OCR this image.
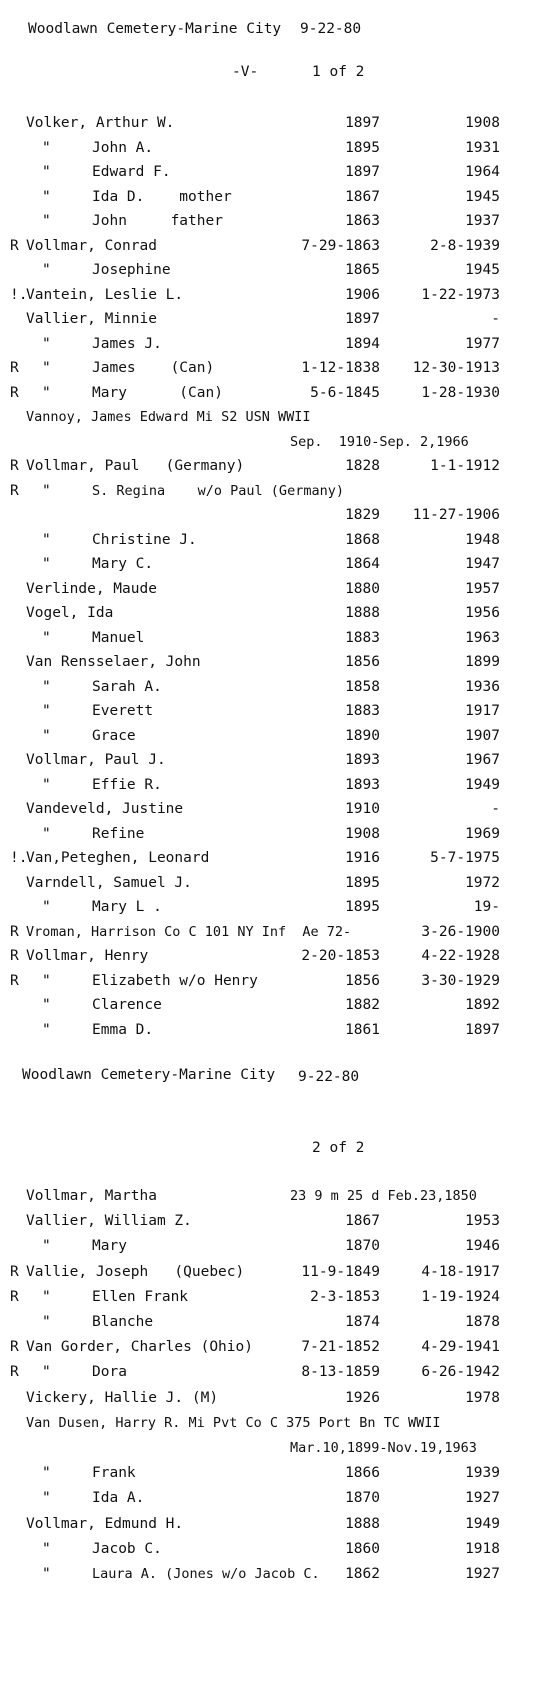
Woodlawn Cemetery-Marine City 9-22-80
-V-	1 of 2
Volker, Arthur W.	1897	1908
"	John A.	1895	1931
"	Edward F.	1897	1964
"	Ida D.    mother	1867	1945
"	John     father	1863	1937
R Vollmar, Conrad	7-29-1863	2-8-1939
"	Josephine	1865	1945
!.
Vantein, Leslie L.	1906	1-22-1973
Vallier, Minnie	1897	-
"	James J.	1894	1977
R "	James    (Can)	1-12-1838	12-30-1913
R "	Mary      (Can)	5-6-1845	1-28-1930
Vannoy, James Edward Mi S2 USN WWII
Sep.  1910-Sep. 2,1966
R Vollmar, Paul   (Germany)	1828	1-1-1912
R "	S. Regina    w/o Paul (Germany)
1829	11-27-1906
"	Christine J.	1868	1948
"	Mary C.	1864	1947
Verlinde, Maude	1880	1957
Vogel, Ida	1888	1956
"	Manuel	1883	1963
Van Rensselaer, John	1856	1899
"	Sarah A.	1858	1936
"	Everett	1883	1917
"	Grace	1890	1907
Vollmar, Paul J.	1893	1967
"	Effie R.	1893	1949
Vandeveld, Justine	1910	-
"	Refine	1908	1969
!.
Van,Peteghen, Leonard	1916	5-7-1975
Varndell, Samuel J.	1895	1972
"	Mary L .	1895	19-
R Vroman, Harrison Co C 101 NY Inf  Ae 72-	3-26-1900
R Vollmar, Henry	2-20-1853	4-22-1928
R "	Elizabeth w/o Henry	1856	3-30-1929
"	Clarence	1882	1892
"	Emma D.	1861	1897
Woodlawn Cemetery-Marine City 9-22-80
2 of 2
Vollmar, Martha	23 9 m 25 d Feb.23,1850
Vallier, William Z.	1867	1953
"	Mary	1870	1946
R Vallie, Joseph   (Quebec)	11-9-1849	4-18-1917
R "	Ellen Frank	2-3-1853	1-19-1924
"	Blanche	1874	1878
R Van Gorder, Charles (Ohio)	7-21-1852	4-29-1941
R "	Dora	8-13-1859	6-26-1942
Vickery, Hallie J. (M)	1926	1978
Van Dusen, Harry R. Mi Pvt Co C 375 Port Bn TC WWII
Mar.10,1899-Nov.19,1963
"	Frank	1866	1939
"	Ida A.	1870	1927
Vollmar, Edmund H.	1888	1949
"	Jacob C.	1860	1918
"	Laura A. (Jones w/o Jacob C.	1862	1927
